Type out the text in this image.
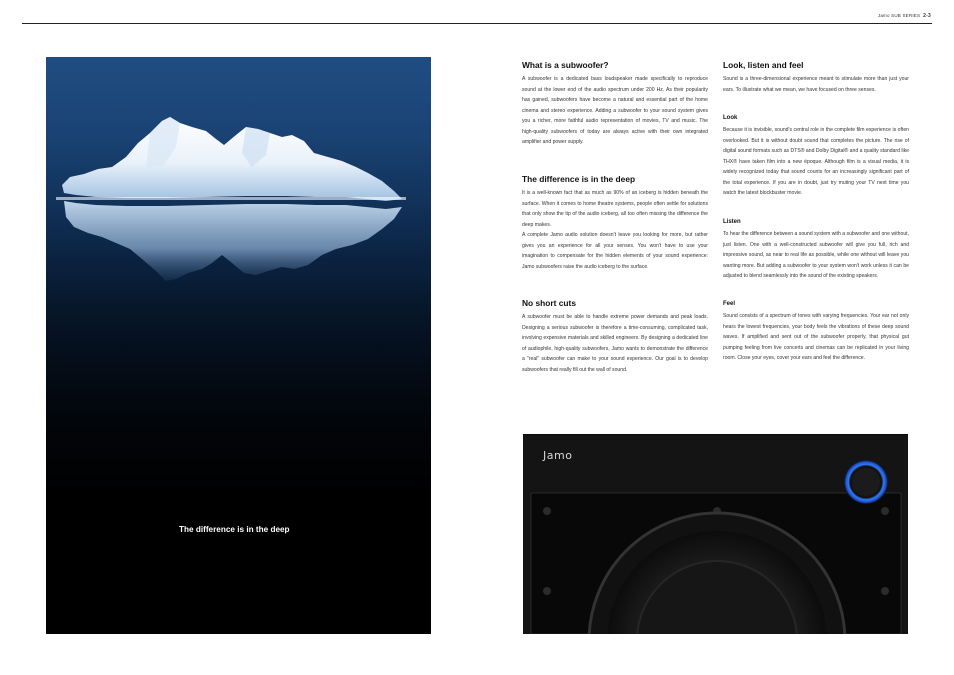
Jamo SUB SERIES 2-3
The difference is in the deep
What is a subwoofer?

A subwoofer is a dedicated bass loudspeaker made specifically to reproduce sound at the lower end of the audio spectrum under 200 Hz. As their popularity has gained, subwoofers have become a natural and essential part of the home cinema and stereo experience. Adding a subwoofer to your sound system gives you a richer, more faithful audio representation of movies, TV and music. The high-quality subwoofers of today are always active with their own integrated amplifier and power supply.

The difference is in the deep

It is a well-known fact that as much as 90% of an iceberg is hidden beneath the surface. When it comes to home theatre systems, people often settle for solutions that only show the tip of the audio iceberg, all too often missing the difference the deep makes.

A complete Jamo audio solution doesn't leave you looking for more, but rather gives you an experience for all your senses. You won't have to use your imagination to compensate for the hidden elements of your sound experience: Jamo subwoofers raise the audio iceberg to the surface.

No short cuts

A subwoofer must be able to handle extreme power demands and peak loads. Designing a serious subwoofer is therefore a time-consuming, complicated task, involving expensive materials and skilled engineers. By designing a dedicated line of audiophile, high-quality subwoofers, Jamo wants to demonstrate the difference a "real" subwoofer can make to your sound experience. Our goal is to develop subwoofers that really fill out the wall of sound.

Look, listen and feel

Sound is a three-dimensional experience meant to stimulate more than just your ears. To illustrate what we mean, we have focused on three senses.

Look

Because it is invisible, sound's central role in the complete film experience is often overlooked. But it is without doubt sound that completes the picture. The rise of digital sound formats such as DTS® and Dolby Digital® and a quality standard like THX® have taken film into a new époque. Although film is a visual media, it is widely recognized today that sound counts for an increasingly significant part of the total experience. If you are in doubt, just try muting your TV next time you watch the latest blockbuster movie.

Listen

To hear the difference between a sound system with a subwoofer and one without, just listen. One with a well-constructed subwoofer will give you full, rich and impressive sound, as near to real life as possible, while one without will leave you wanting more. But adding a subwoofer to your system won't work unless it can be adjusted to blend seamlessly into the sound of the existing speakers.

Feel

Sound consists of a spectrum of tones with varying frequencies. Your ear not only hears the lowest frequencies, your body feels the vibrations of these deep sound waves. If amplified and sent out of the subwoofer properly, that physical gut pumping feeling from live concerts and cinemas can be replicated in your living room. Close your eyes, cover your ears and feel the difference.

Jamo
